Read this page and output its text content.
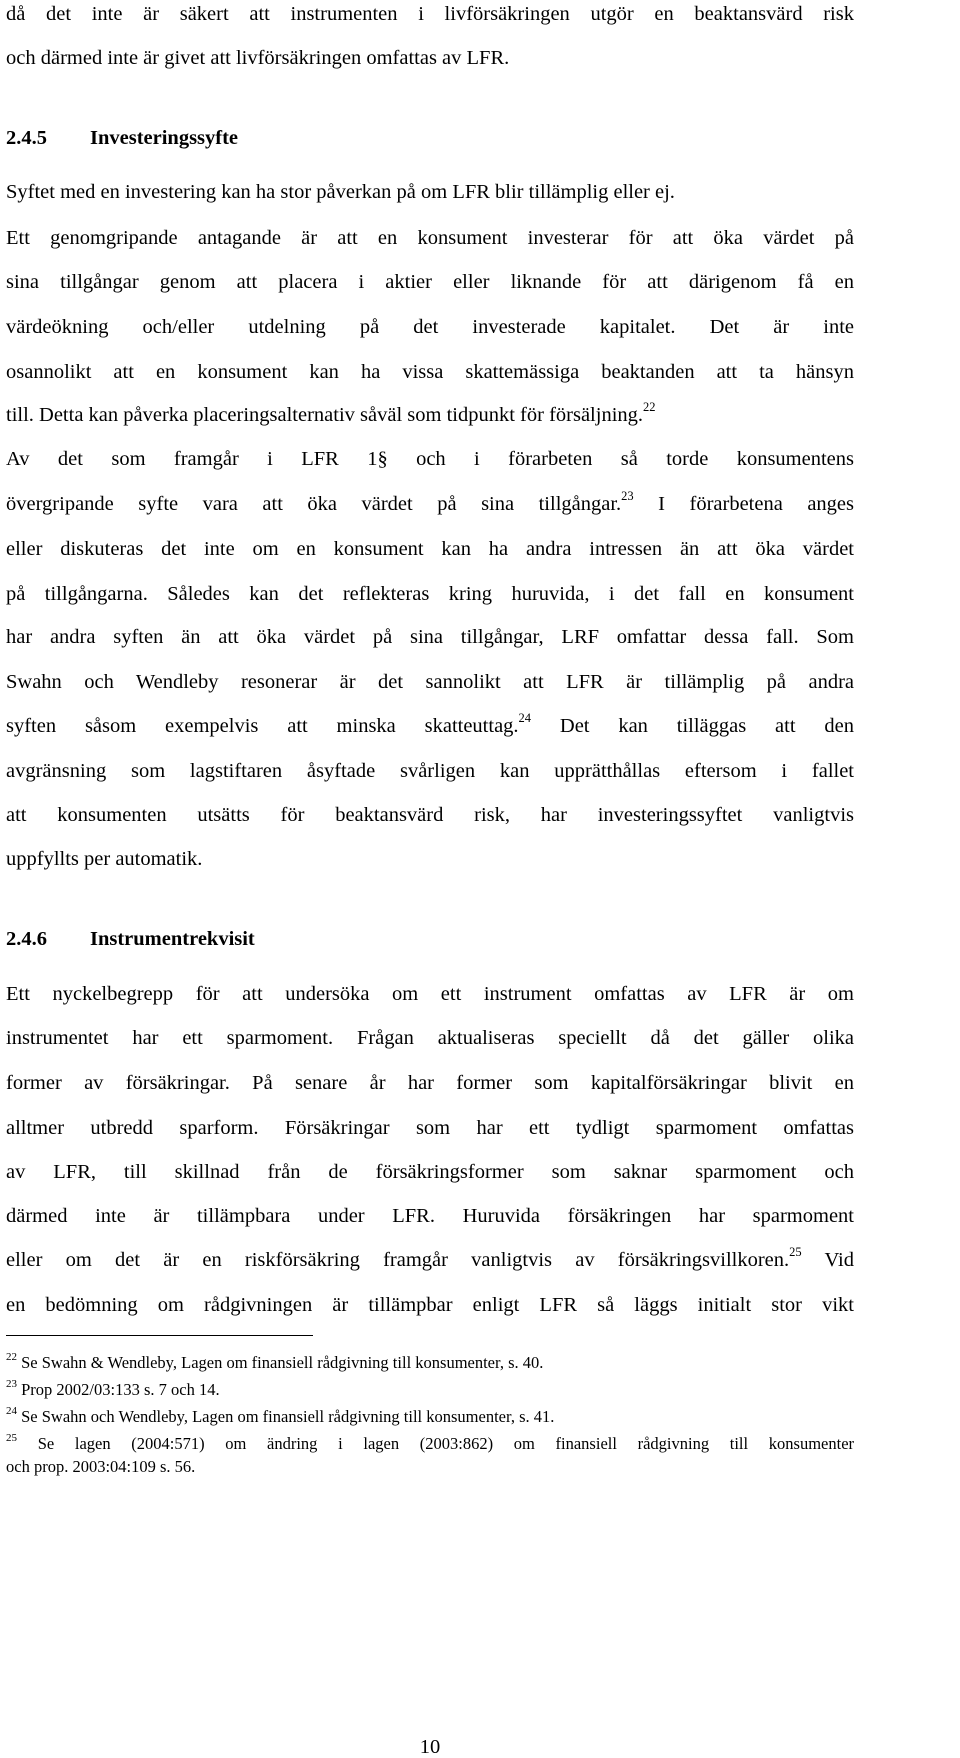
då det inte är säkert att instrumenten i livförsäkringen utgör en beaktansvärd risk
och därmed inte är givet att livförsäkringen omfattas av LFR.
2.4.5 Investeringssyfte
Syftet med en investering kan ha stor påverkan på om LFR blir tillämplig eller ej.
Ett genomgripande antagande är att en konsument investerar för att öka värdet på
sina tillgångar genom att placera i aktier eller liknande för att därigenom få en
värdeökning och/eller utdelning på det investerade kapitalet. Det är inte
osannolikt att en konsument kan ha vissa skattemässiga beaktanden att ta hänsyn
till. Detta kan påverka placeringsalternativ såväl som tidpunkt för försäljning.$^{22}$
Av det som framgår i LFR 1§ och i förarbeten så torde konsumentens
övergripande syfte vara att öka värdet på sina tillgångar.$^{23}$ I förarbetena anges
eller diskuteras det inte om en konsument kan ha andra intressen än att öka värdet
på tillgångarna. Således kan det reflekteras kring huruvida, i det fall en konsument
har andra syften än att öka värdet på sina tillgångar, LRF omfattar dessa fall. Som
Swahn och Wendleby resonerar är det sannolikt att LFR är tillämplig på andra
syften såsom exempelvis att minska skatteuttag.$^{24}$ Det kan tilläggas att den
avgränsning som lagstiftaren åsyftade svårligen kan upprätthållas eftersom i fallet
att konsumenten utsätts för beaktansvärd risk, har investeringssyftet vanligtvis
uppfyllts per automatik.
2.4.6 Instrumentrekvisit
Ett nyckelbegrepp för att undersöka om ett instrument omfattas av LFR är om
instrumentet har ett sparmoment. Frågan aktualiseras speciellt då det gäller olika
former av försäkringar. På senare år har former som kapitalförsäkringar blivit en
alltmer utbredd sparform. Försäkringar som har ett tydligt sparmoment omfattas
av LFR, till skillnad från de försäkringsformer som saknar sparmoment och
därmed inte är tillämpbara under LFR. Huruvida försäkringen har sparmoment
eller om det är en riskförsäkring framgår vanligtvis av försäkringsvillkoren.$^{25}$ Vid
en bedömning om rådgivningen är tillämpbar enligt LFR så läggs initialt stor vikt
$^{22}$ Se Swahn & Wendleby, Lagen om finansiell rådgivning till konsumenter, s. 40.
$^{23}$ Prop 2002/03:133 s. 7 och 14.
$^{24}$ Se Swahn och Wendleby, Lagen om finansiell rådgivning till konsumenter, s. 41.
$^{25}$ Se lagen (2004:571) om ändring i lagen (2003:862) om finansiell rådgivning till konsumenter
och prop. 2003:04:109 s. 56.
10
